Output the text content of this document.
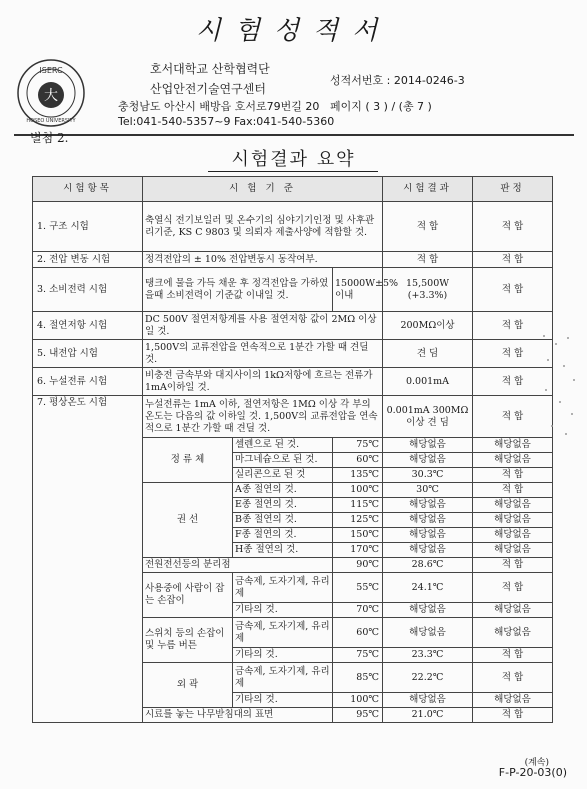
시험성적서
大
ISERC
HOSEO UNIVERSITY
호서대학교 산학협력단
산업안전기술연구센터
충청남도 아산시 배방읍 호서로79번길 20
Tel:041-540-5357~9 Fax:041-540-5360
성적서번호 : 2014-0246-3
페이지 ( 3 ) / (총 7 )
별첨 2.
시험결과 요약
시험항목	시 험 기 준			시험결과	판정
1. 구조 시험	축열식 전기보일러 및 온수기의 심야기기인정 및 사후관리기준, KS C 9803 및 의뢰자 제출사양에 적합할 것.			적 합	적 합
2. 전압 변동 시험	정격전압의 ± 10% 전압변동시 동작여부.			적 합	적 합
3. 소비전력 시험	탱크에 물을 가득 채운 후 정격전압을 가하였을때 소비전력이 기준값 이내일 것.		15000W±5%이내	15,500W (+3.3%)	적 합
4. 절연저항 시험	DC 500V 절연저항계를 사용 절연저항 값이 2MΩ 이상일 것.			200MΩ이상	적 합
5. 내전압 시험	1,500V의 교류전압을 연속적으로 1분간 가할 때 견딜 것.			견 딤	적 합
6. 누설전류 시험	비충전 금속부와 대지사이의 1kΩ저항에 흐르는 전류가 1mA이하일 것.			0.001mA	적 합
7. 평상온도 시험	누설전류는 1mA 이하, 절연저항은 1MΩ 이상 각 부의 온도는 다음의 값 이하일 것. 1,500V의 교류전압을 연속적으로 1분간 가할 때 견딜 것.			0.001mA 300MΩ이상 견 딤	적 합
	정 류 체	셀렌으로 된 것.	75℃	해당없음	해당없음
		마그네슘으로 된 것.	60℃	해당없음	해당없음
		실리콘으로 된 것	135℃	30.3℃	적 합
	권 선	A종 절연의 것.	100℃	30℃	적 합
		E종 절연의 것.	115℃	해당없음	해당없음
		B종 절연의 것.	125℃	해당없음	해당없음
		F종 절연의 것.	150℃	해당없음	해당없음
		H종 절연의 것.	170℃	해당없음	해당없음
	전원전선등의 분리점		90℃	28.6℃	적 합
	사용중에 사람이 잡는 손잡이	금속제, 도자기제, 유리제	55℃	24.1℃	적 합
		기타의 것.	70℃	해당없음	해당없음
	스위치 등의 손잡이 및 누름 버튼	금속제, 도자기제, 유리제	60℃	해당없음	해당없음
		기타의 것.	75℃	23.3℃	적 합
	외 곽	금속제, 도자기제, 유리제	85℃	22.2℃	적 합
		기타의 것.	100℃	해당없음	해당없음
	시료를 놓는 나무받침대의 표면		95℃	21.0℃	적 합
(계속)
F-P-20-03(0)
